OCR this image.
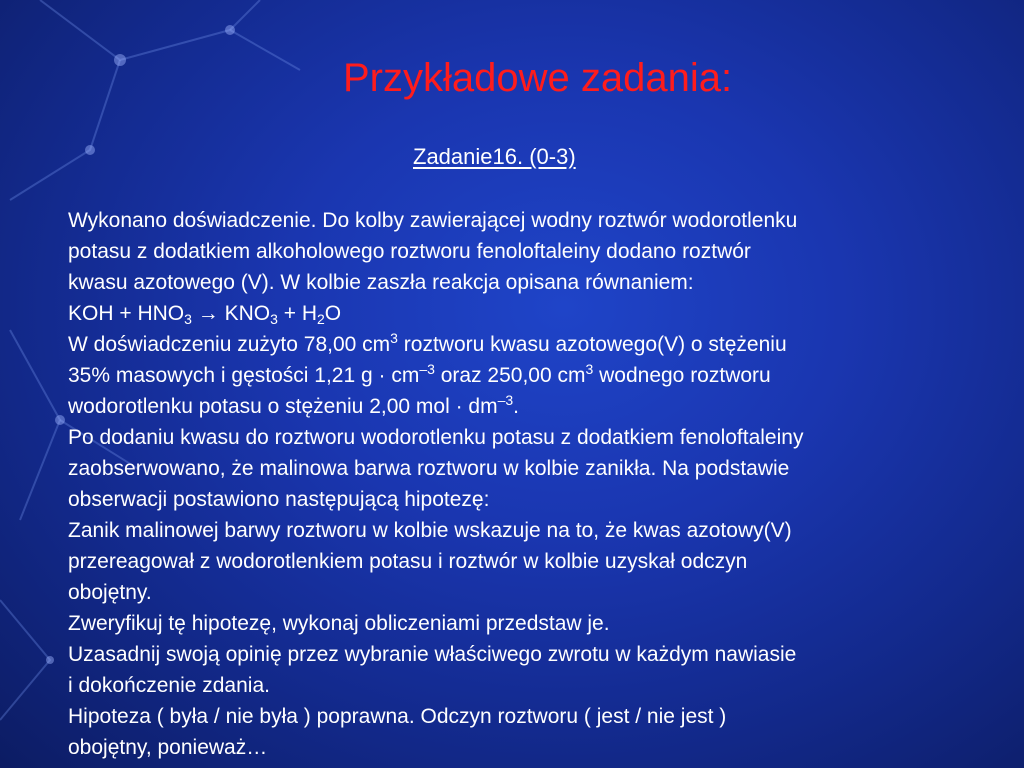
Przykładowe zadania:
Zadanie16. (0-3)
Wykonano doświadczenie. Do kolby zawierającej wodny roztwór wodorotlenku
potasu z dodatkiem alkoholowego roztworu fenoloftaleiny dodano roztwór
kwasu azotowego (V). W kolbie zaszła reakcja opisana równaniem:
KOH + $HNO_3 \to KNO_3 + H_2O$
W doświadczeniu zużyto 78,00 $cm^3$ roztworu kwasu azotowego(V) o stężeniu
35% masowych i gęstości 1,21 $g \cdot cm^{-3}$ oraz 250,00 $cm^3$ wodnego roztworu
wodorotlenku potasu o stężeniu 2,00 mol · $dm^{-3}$.
Po dodaniu kwasu do roztworu wodorotlenku potasu z dodatkiem fenoloftaleiny
zaobserwowano, że malinowa barwa roztworu w kolbie zanikła. Na podstawie
obserwacji postawiono następującą hipotezę:
Zanik malinowej barwy roztworu w kolbie wskazuje na to, że kwas azotowy(V)
przereagował z wodorotlenkiem potasu i roztwór w kolbie uzyskał odczyn
obojętny.
Zweryfikuj tę hipotezę, wykonaj obliczeniami przedstaw je.
Uzasadnij swoją opinię przez wybranie właściwego zwrotu w każdym nawiasie
i dokończenie zdania.
Hipoteza ( była / nie była ) poprawna. Odczyn roztworu ( jest / nie jest )
obojętny, ponieważ…
